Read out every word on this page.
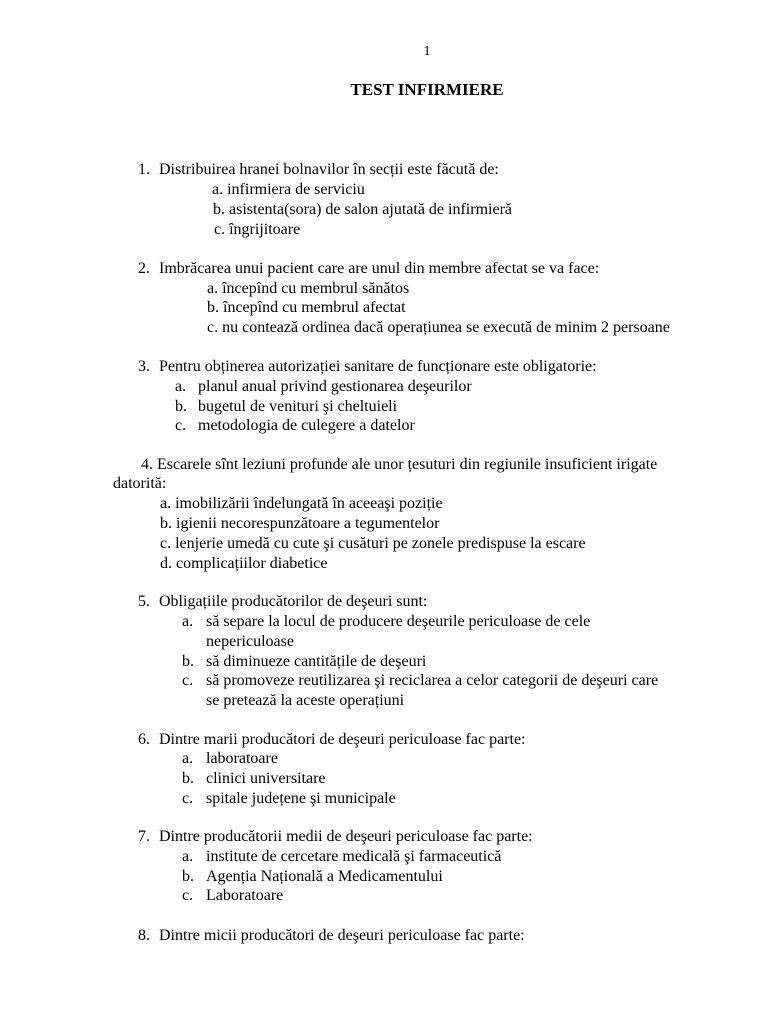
1
TEST INFIRMIERE
1. Distribuirea hranei bolnavilor în secții este făcută de:
a. infirmiera de serviciu
b. asistenta(sora) de salon ajutată de infirmieră
c. îngrijitoare
2. Imbrăcarea unui pacient care are unul din membre afectat se va face:
a. începînd cu membrul sănătos
b. începînd cu membrul afectat
c. nu contează ordinea dacă operațiunea se execută de minim 2 persoane
3. Pentru obținerea autorizației sanitare de funcționare este obligatorie:
a. planul anual privind gestionarea deşeurilor
b. bugetul de venituri şi cheltuieli
c. metodologia de culegere a datelor
4. Escarele sînt leziuni profunde ale unor țesuturi din regiunile insuficient irigate
datorită:
a. imobilizării îndelungată în aceeaşi poziție
b. igienii necorespunzătoare a tegumentelor
c. lenjerie umedă cu cute şi cusături pe zonele predispuse la escare
d. complicațiilor diabetice
5. Obligațiile producătorilor de deşeuri sunt:
a. să separe la locul de producere deşeurile periculoase de cele
nepericuloase
b. să diminueze cantitățile de deşeuri
c. să promoveze reutilizarea şi reciclarea a celor categorii de deşeuri care
se pretează la aceste operațiuni
6. Dintre marii producători de deşeuri periculoase fac parte:
a. laboratoare
b. clinici universitare
c. spitale județene şi municipale
7. Dintre producătorii medii de deşeuri periculoase fac parte:
a. institute de cercetare medicală şi farmaceutică
b. Agenția Națională a Medicamentului
c. Laboratoare
8. Dintre micii producători de deşeuri periculoase fac parte:
